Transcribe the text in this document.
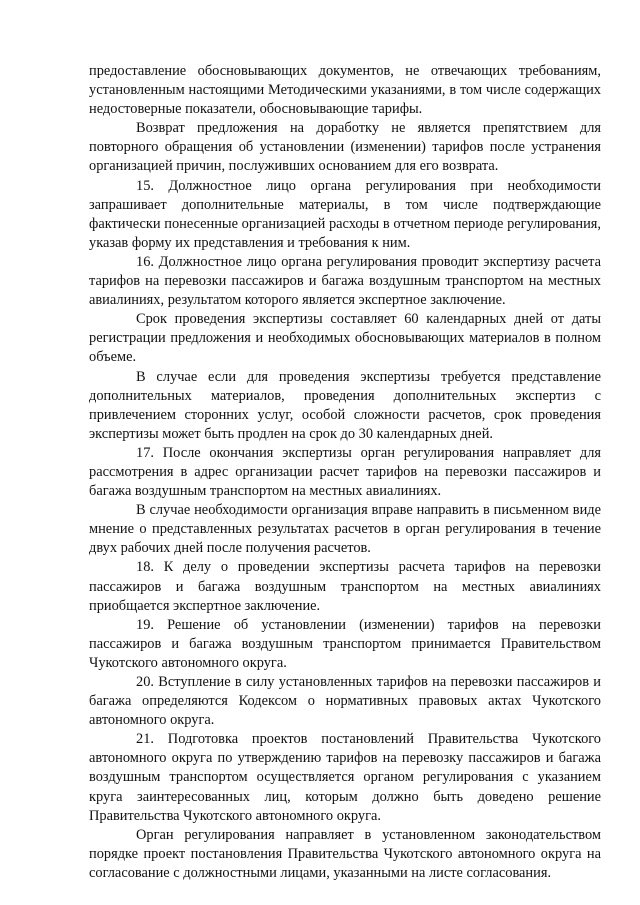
предоставление обосновывающих документов, не отвечающих требованиям, установленным настоящими Методическими указаниями, в том числе содержащих недостоверные показатели, обосновывающие тарифы.

Возврат предложения на доработку не является препятствием для повторного обращения об установлении (изменении) тарифов после устранения организацией причин, послуживших основанием для его возврата.

15. Должностное лицо органа регулирования при необходимости запрашивает дополнительные материалы, в том числе подтверждающие фактически понесенные организацией расходы в отчетном периоде регулирования, указав форму их представления и требования к ним.

16. Должностное лицо органа регулирования проводит экспертизу расчета тарифов на перевозки пассажиров и багажа воздушным транспортом на местных авиалиниях, результатом которого является экспертное заключение.

Срок проведения экспертизы составляет 60 календарных дней от даты регистрации предложения и необходимых обосновывающих материалов в полном объеме.

В случае если для проведения экспертизы требуется представление дополнительных материалов, проведения дополнительных экспертиз с привлечением сторонних услуг, особой сложности расчетов, срок проведения экспертизы может быть продлен на срок до 30 календарных дней.

17. После окончания экспертизы орган регулирования направляет для рассмотрения в адрес организации расчет тарифов на перевозки пассажиров и багажа воздушным транспортом на местных авиалиниях.

В случае необходимости организация вправе направить в письменном виде мнение о представленных результатах расчетов в орган регулирования в течение двух рабочих дней после получения расчетов.

18. К делу о проведении экспертизы расчета тарифов на перевозки пассажиров и багажа воздушным транспортом на местных авиалиниях приобщается экспертное заключение.

19. Решение об установлении (изменении) тарифов на перевозки пассажиров и багажа воздушным транспортом принимается Правительством Чукотского автономного округа.

20. Вступление в силу установленных тарифов на перевозки пассажиров и багажа определяются Кодексом о нормативных правовых актах Чукотского автономного округа.

21. Подготовка проектов постановлений Правительства Чукотского автономного округа по утверждению тарифов на перевозку пассажиров и багажа воздушным транспортом осуществляется органом регулирования с указанием круга заинтересованных лиц, которым должно быть доведено решение Правительства Чукотского автономного округа.

Орган регулирования направляет в установленном законодательством порядке проект постановления Правительства Чукотского автономного округа на согласование с должностными лицами, указанными на листе согласования.
